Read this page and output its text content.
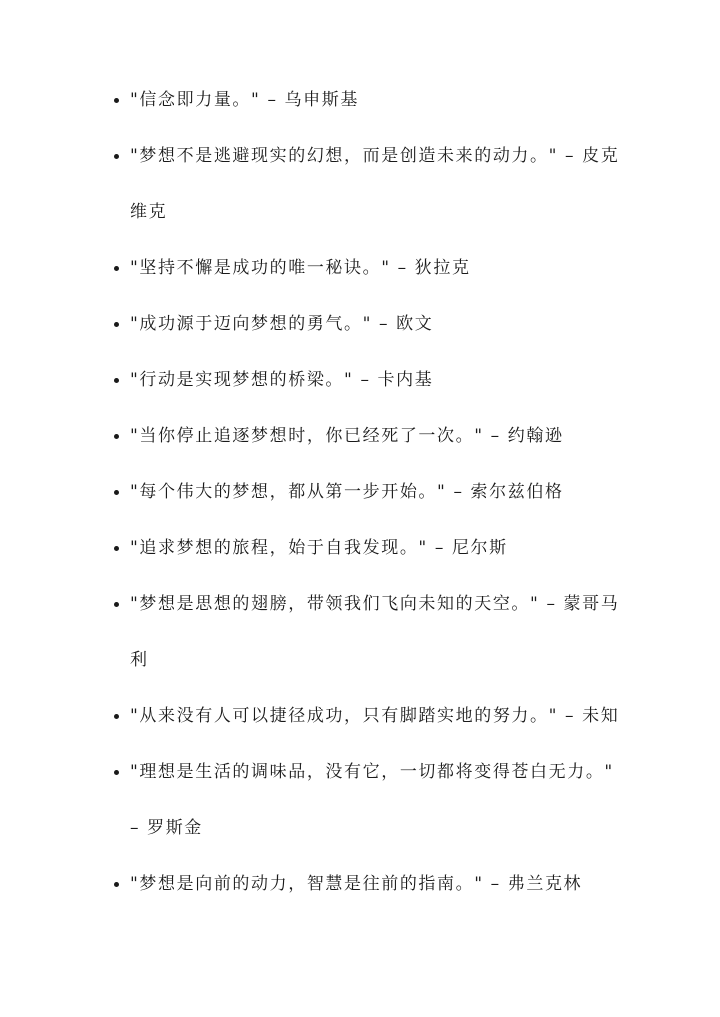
"信念即力量。" – 乌申斯基
"梦想不是逃避现实的幻想，而是创造未来的动力。" – 皮克维克
"坚持不懈是成功的唯一秘诀。" – 狄拉克
"成功源于迈向梦想的勇气。" – 欧文
"行动是实现梦想的桥梁。" – 卡内基
"当你停止追逐梦想时，你已经死了一次。" – 约翰逊
"每个伟大的梦想，都从第一步开始。" – 索尔兹伯格
"追求梦想的旅程，始于自我发现。" – 尼尔斯
"梦想是思想的翅膀，带领我们飞向未知的天空。" – 蒙哥马利
"从来没有人可以捷径成功，只有脚踏实地的努力。" – 未知
"理想是生活的调味品，没有它，一切都将变得苍白无力。" – 罗斯金
"梦想是向前的动力，智慧是往前的指南。" – 弗兰克林
